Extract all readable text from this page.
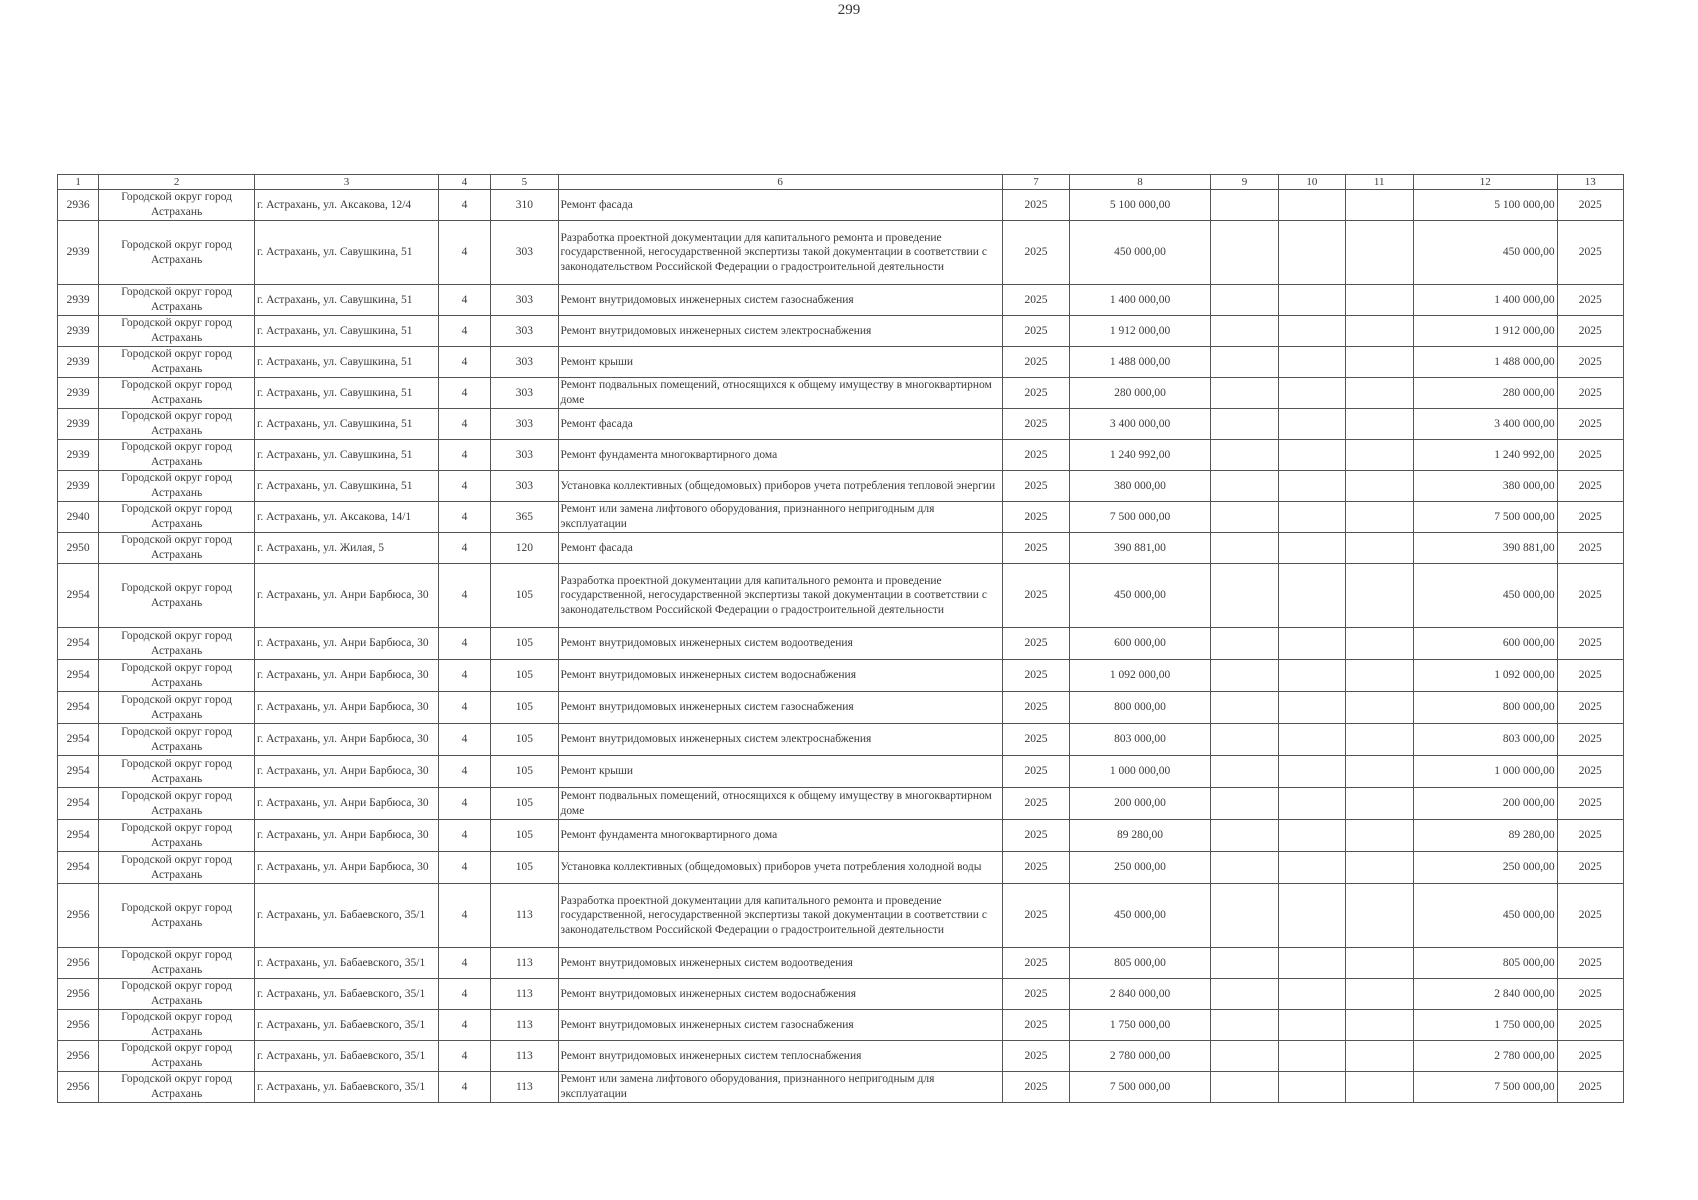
299
1	2	3	4	5	6	7	8	9	10	11	12	13
2936	Городской округ город Астрахань	г. Астрахань, ул. Аксакова, 12/4	4	310	Ремонт фасада	2025	5 100 000,00				5 100 000,00	2025
2939	Городской округ город Астрахань	г. Астрахань, ул. Савушкина, 51	4	303	Разработка проектной документации для капитального ремонта и проведение государственной, негосударственной экспертизы такой документации в соответствии с законодательством Российской Федерации о градостроительной деятельности	2025	450 000,00				450 000,00	2025
2939	Городской округ город Астрахань	г. Астрахань, ул. Савушкина, 51	4	303	Ремонт внутридомовых инженерных систем газоснабжения	2025	1 400 000,00				1 400 000,00	2025
2939	Городской округ город Астрахань	г. Астрахань, ул. Савушкина, 51	4	303	Ремонт внутридомовых инженерных систем электроснабжения	2025	1 912 000,00				1 912 000,00	2025
2939	Городской округ город Астрахань	г. Астрахань, ул. Савушкина, 51	4	303	Ремонт крыши	2025	1 488 000,00				1 488 000,00	2025
2939	Городской округ город Астрахань	г. Астрахань, ул. Савушкина, 51	4	303	Ремонт подвальных помещений, относящихся к общему имуществу в многоквартирном доме	2025	280 000,00				280 000,00	2025
2939	Городской округ город Астрахань	г. Астрахань, ул. Савушкина, 51	4	303	Ремонт фасада	2025	3 400 000,00				3 400 000,00	2025
2939	Городской округ город Астрахань	г. Астрахань, ул. Савушкина, 51	4	303	Ремонт фундамента многоквартирного дома	2025	1 240 992,00				1 240 992,00	2025
2939	Городской округ город Астрахань	г. Астрахань, ул. Савушкина, 51	4	303	Установка коллективных (общедомовых) приборов учета потребления тепловой энергии	2025	380 000,00				380 000,00	2025
2940	Городской округ город Астрахань	г. Астрахань, ул. Аксакова, 14/1	4	365	Ремонт или замена лифтового оборудования, признанного непригодным для эксплуатации	2025	7 500 000,00				7 500 000,00	2025
2950	Городской округ город Астрахань	г. Астрахань, ул. Жилая, 5	4	120	Ремонт фасада	2025	390 881,00				390 881,00	2025
2954	Городской округ город Астрахань	г. Астрахань, ул. Анри Барбюса, 30	4	105	Разработка проектной документации для капитального ремонта и проведение государственной, негосударственной экспертизы такой документации в соответствии с законодательством Российской Федерации о градостроительной деятельности	2025	450 000,00				450 000,00	2025
2954	Городской округ город Астрахань	г. Астрахань, ул. Анри Барбюса, 30	4	105	Ремонт внутридомовых инженерных систем водоотведения	2025	600 000,00				600 000,00	2025
2954	Городской округ город Астрахань	г. Астрахань, ул. Анри Барбюса, 30	4	105	Ремонт внутридомовых инженерных систем водоснабжения	2025	1 092 000,00				1 092 000,00	2025
2954	Городской округ город Астрахань	г. Астрахань, ул. Анри Барбюса, 30	4	105	Ремонт внутридомовых инженерных систем газоснабжения	2025	800 000,00				800 000,00	2025
2954	Городской округ город Астрахань	г. Астрахань, ул. Анри Барбюса, 30	4	105	Ремонт внутридомовых инженерных систем электроснабжения	2025	803 000,00				803 000,00	2025
2954	Городской округ город Астрахань	г. Астрахань, ул. Анри Барбюса, 30	4	105	Ремонт крыши	2025	1 000 000,00				1 000 000,00	2025
2954	Городской округ город Астрахань	г. Астрахань, ул. Анри Барбюса, 30	4	105	Ремонт подвальных помещений, относящихся к общему имуществу в многоквартирном доме	2025	200 000,00				200 000,00	2025
2954	Городской округ город Астрахань	г. Астрахань, ул. Анри Барбюса, 30	4	105	Ремонт фундамента многоквартирного дома	2025	89 280,00				89 280,00	2025
2954	Городской округ город Астрахань	г. Астрахань, ул. Анри Барбюса, 30	4	105	Установка коллективных (общедомовых) приборов учета потребления холодной воды	2025	250 000,00				250 000,00	2025
2956	Городской округ город Астрахань	г. Астрахань, ул. Бабаевского, 35/1	4	113	Разработка проектной документации для капитального ремонта и проведение государственной, негосударственной экспертизы такой документации в соответствии с законодательством Российской Федерации о градостроительной деятельности	2025	450 000,00				450 000,00	2025
2956	Городской округ город Астрахань	г. Астрахань, ул. Бабаевского, 35/1	4	113	Ремонт внутридомовых инженерных систем водоотведения	2025	805 000,00				805 000,00	2025
2956	Городской округ город Астрахань	г. Астрахань, ул. Бабаевского, 35/1	4	113	Ремонт внутридомовых инженерных систем водоснабжения	2025	2 840 000,00				2 840 000,00	2025
2956	Городской округ город Астрахань	г. Астрахань, ул. Бабаевского, 35/1	4	113	Ремонт внутридомовых инженерных систем газоснабжения	2025	1 750 000,00				1 750 000,00	2025
2956	Городской округ город Астрахань	г. Астрахань, ул. Бабаевского, 35/1	4	113	Ремонт внутридомовых инженерных систем теплоснабжения	2025	2 780 000,00				2 780 000,00	2025
2956	Городской округ город Астрахань	г. Астрахань, ул. Бабаевского, 35/1	4	113	Ремонт или замена лифтового оборудования, признанного непригодным для эксплуатации	2025	7 500 000,00				7 500 000,00	2025
